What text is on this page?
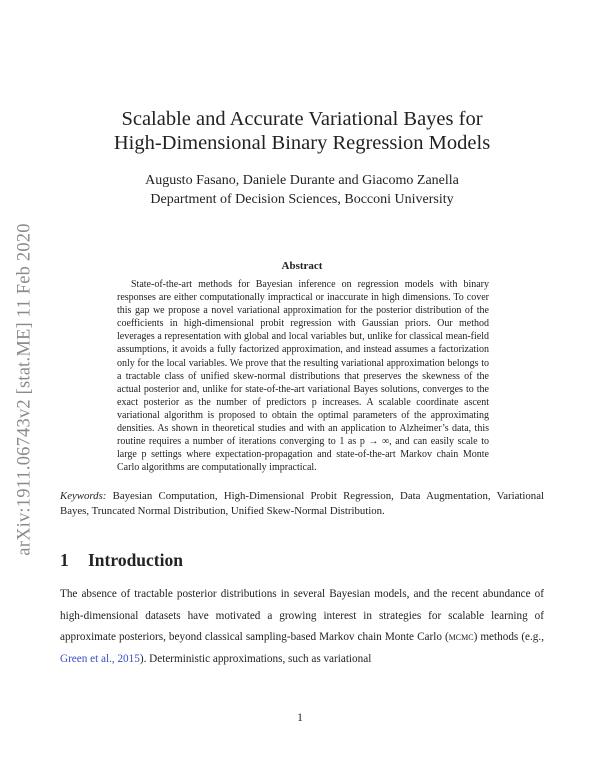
arXiv:1911.06743v2 [stat.ME] 11 Feb 2020
Scalable and Accurate Variational Bayes for
High-Dimensional Binary Regression Models
Augusto Fasano, Daniele Durante and Giacomo Zanella
Department of Decision Sciences, Bocconi University
Abstract

State-of-the-art methods for Bayesian inference on regression models with binary responses are either computationally impractical or inaccurate in high dimensions. To cover this gap we propose a novel variational approximation for the posterior distribution of the coefficients in high-dimensional probit regression with Gaussian priors. Our method leverages a representation with global and local variables but, unlike for classical mean-field assumptions, it avoids a fully factorized approximation, and instead assumes a factorization only for the local variables. We prove that the resulting variational approximation belongs to a tractable class of unified skew-normal distributions that preserves the skewness of the actual posterior and, unlike for state-of-the-art variational Bayes solutions, converges to the exact posterior as the number of predictors p increases. A scalable coordinate ascent variational algorithm is proposed to obtain the optimal parameters of the approximating densities. As shown in theoretical studies and with an application to Alzheimer’s data, this routine requires a number of iterations converging to 1 as p → ∞, and can easily scale to large p settings where expectation-propagation and state-of-the-art Markov chain Monte Carlo algorithms are computationally impractical.

Keywords: Bayesian Computation, High-Dimensional Probit Regression, Data Augmentation, Variational Bayes, Truncated Normal Distribution, Unified Skew-Normal Distribution.
1 Introduction

The absence of tractable posterior distributions in several Bayesian models, and the recent abundance of high-dimensional datasets have motivated a growing interest in strategies for scalable learning of approximate posteriors, beyond classical sampling-based Markov chain Monte Carlo (mcmc) methods (e.g., Green et al., 2015). Deterministic approximations, such as variational

1
